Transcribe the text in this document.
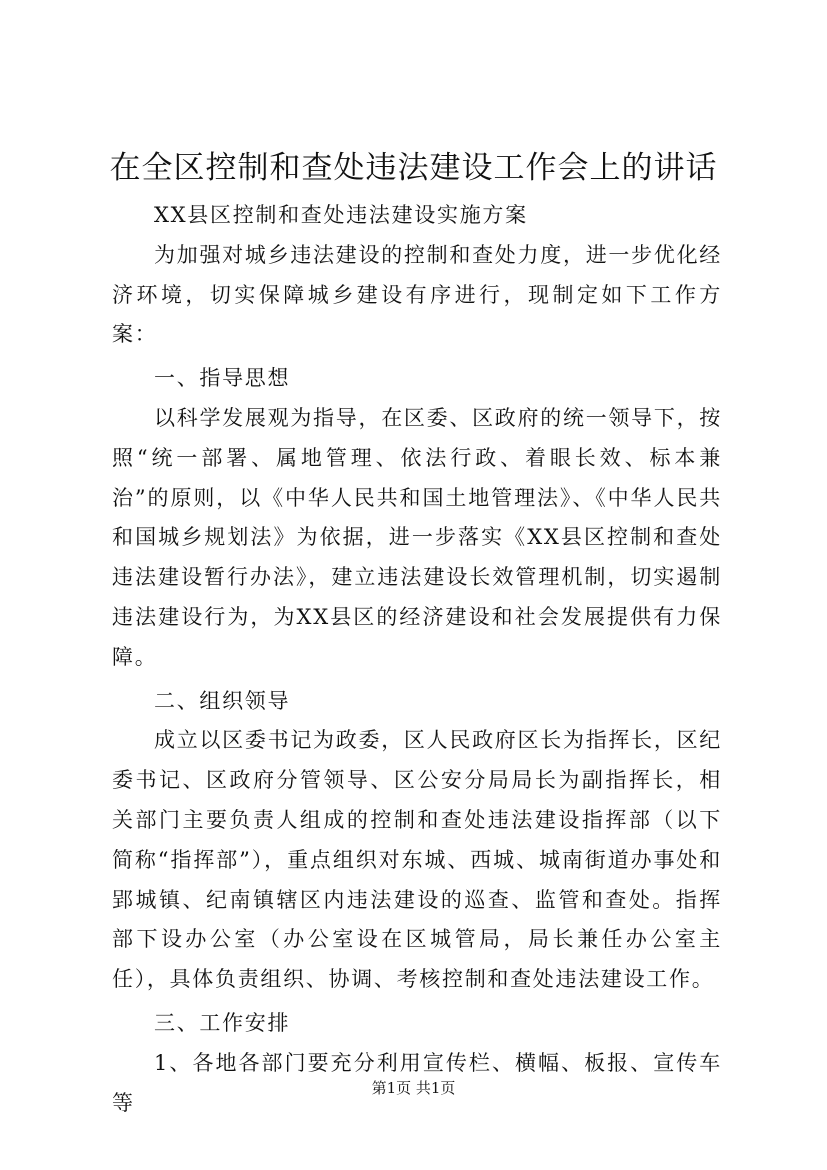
在全区控制和查处违法建设工作会上的讲话

XX县区控制和查处违法建设实施方案

为加强对城乡违法建设的控制和查处力度，进一步优化经济环境，切实保障城乡建设有序进行，现制定如下工作方案：

一、指导思想

以科学发展观为指导，在区委、区政府的统一领导下，按照“统一部署、属地管理、依法行政、着眼长效、标本兼治”的原则，以《中华人民共和国土地管理法》、《中华人民共和国城乡规划法》为依据，进一步落实《XX县区控制和查处违法建设暂行办法》，建立违法建设长效管理机制，切实遏制违法建设行为，为XX县区的经济建设和社会发展提供有力保障。

二、组织领导

成立以区委书记为政委，区人民政府区长为指挥长，区纪委书记、区政府分管领导、区公安分局局长为副指挥长，相关部门主要负责人组成的控制和查处违法建设指挥部（以下简称“指挥部”），重点组织对东城、西城、城南街道办事处和郢城镇、纪南镇辖区内违法建设的巡查、监管和查处。指挥部下设办公室（办公室设在区城管局，局长兼任办公室主任），具体负责组织、协调、考核控制和查处违法建设工作。

三、工作安排

1、各地各部门要充分利用宣传栏、横幅、板报、宣传车等

第1页 共1页
